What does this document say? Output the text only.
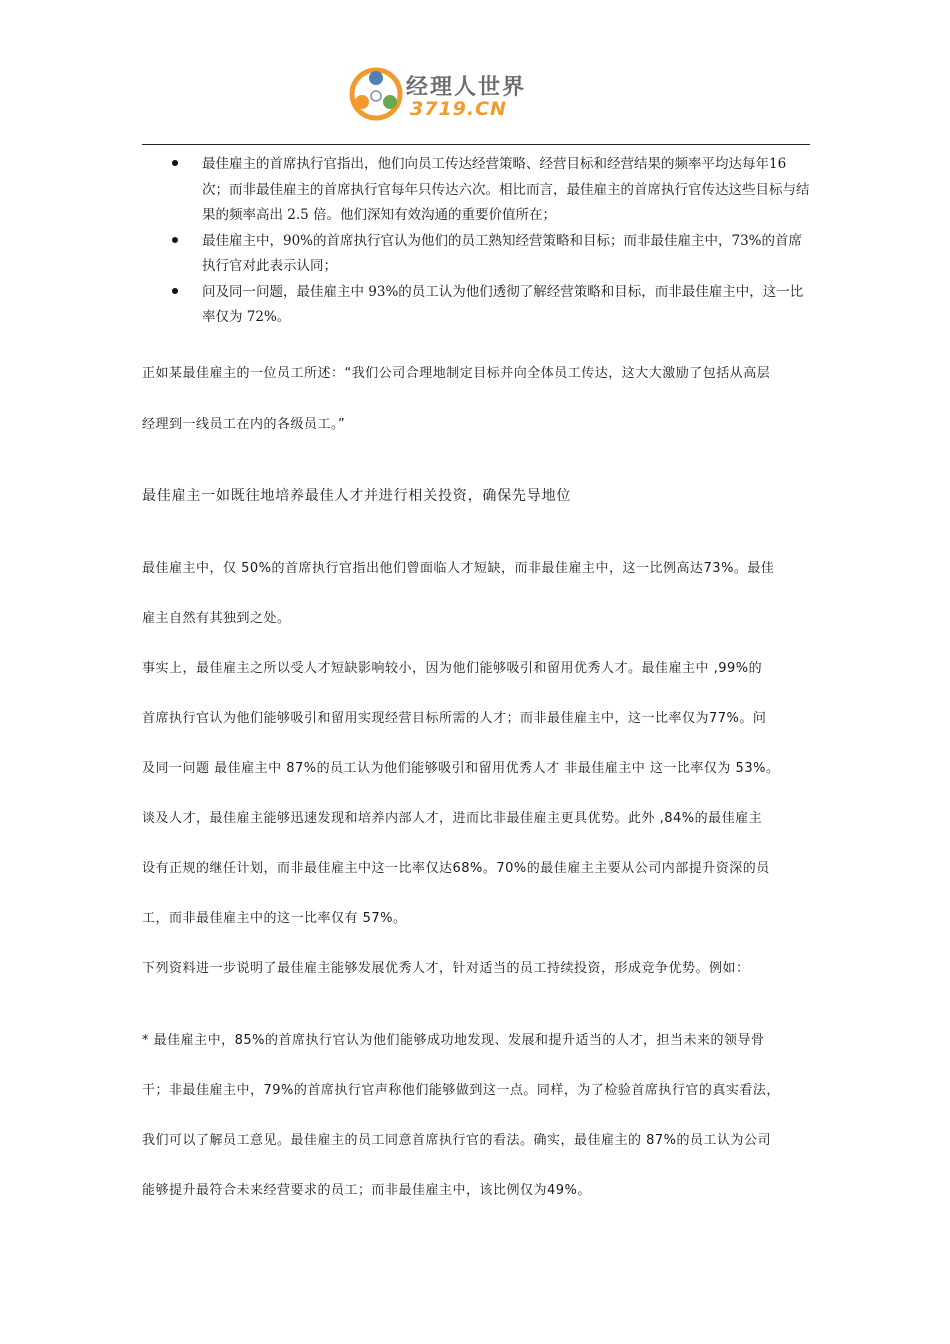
经理人世界
3719.CN
最佳雇主的首席执行官指出，他们向员工传达经营策略、经营目标和经营结果的频率平均达每年16 次；而非最佳雇主的首席执行官每年只传达六次。相比而言，最佳雇主的首席执行官传达这些目标与结果的频率高出 2.5 倍。他们深知有效沟通的重要价值所在；
最佳雇主中，90%的首席执行官认为他们的员工熟知经营策略和目标；而非最佳雇主中，73%的首席执行官对此表示认同；
问及同一问题，最佳雇主中 93%的员工认为他们透彻了解经营策略和目标，而非最佳雇主中，这一比率仅为 72%。

正如某最佳雇主的一位员工所述：“我们公司合理地制定目标并向全体员工传达，这大大激励了包括从高层

经理到一线员工在内的各级员工。”

最佳雇主一如既往地培养最佳人才并进行相关投资，确保先导地位

最佳雇主中，仅 50%的首席执行官指出他们曾面临人才短缺，而非最佳雇主中，这一比例高达73%。最佳

雇主自然有其独到之处。

事实上，最佳雇主之所以受人才短缺影响较小，因为他们能够吸引和留用优秀人才。最佳雇主中 ,99%的

首席执行官认为他们能够吸引和留用实现经营目标所需的人才；而非最佳雇主中，这一比率仅为77%。问

及同一问题 最佳雇主中 87%的员工认为他们能够吸引和留用优秀人才 非最佳雇主中 这一比率仅为 53%。

谈及人才，最佳雇主能够迅速发现和培养内部人才，进而比非最佳雇主更具优势。此外 ,84%的最佳雇主

设有正规的继任计划，而非最佳雇主中这一比率仅达68%。70%的最佳雇主主要从公司内部提升资深的员

工，而非最佳雇主中的这一比率仅有 57%。

下列资料进一步说明了最佳雇主能够发展优秀人才，针对适当的员工持续投资，形成竞争优势。例如：

* 最佳雇主中，85%的首席执行官认为他们能够成功地发现、发展和提升适当的人才，担当未来的领导骨

干；非最佳雇主中，79%的首席执行官声称他们能够做到这一点。同样，为了检验首席执行官的真实看法，

我们可以了解员工意见。最佳雇主的员工同意首席执行官的看法。确实，最佳雇主的 87%的员工认为公司

能够提升最符合未来经营要求的员工；而非最佳雇主中，该比例仅为49%。
